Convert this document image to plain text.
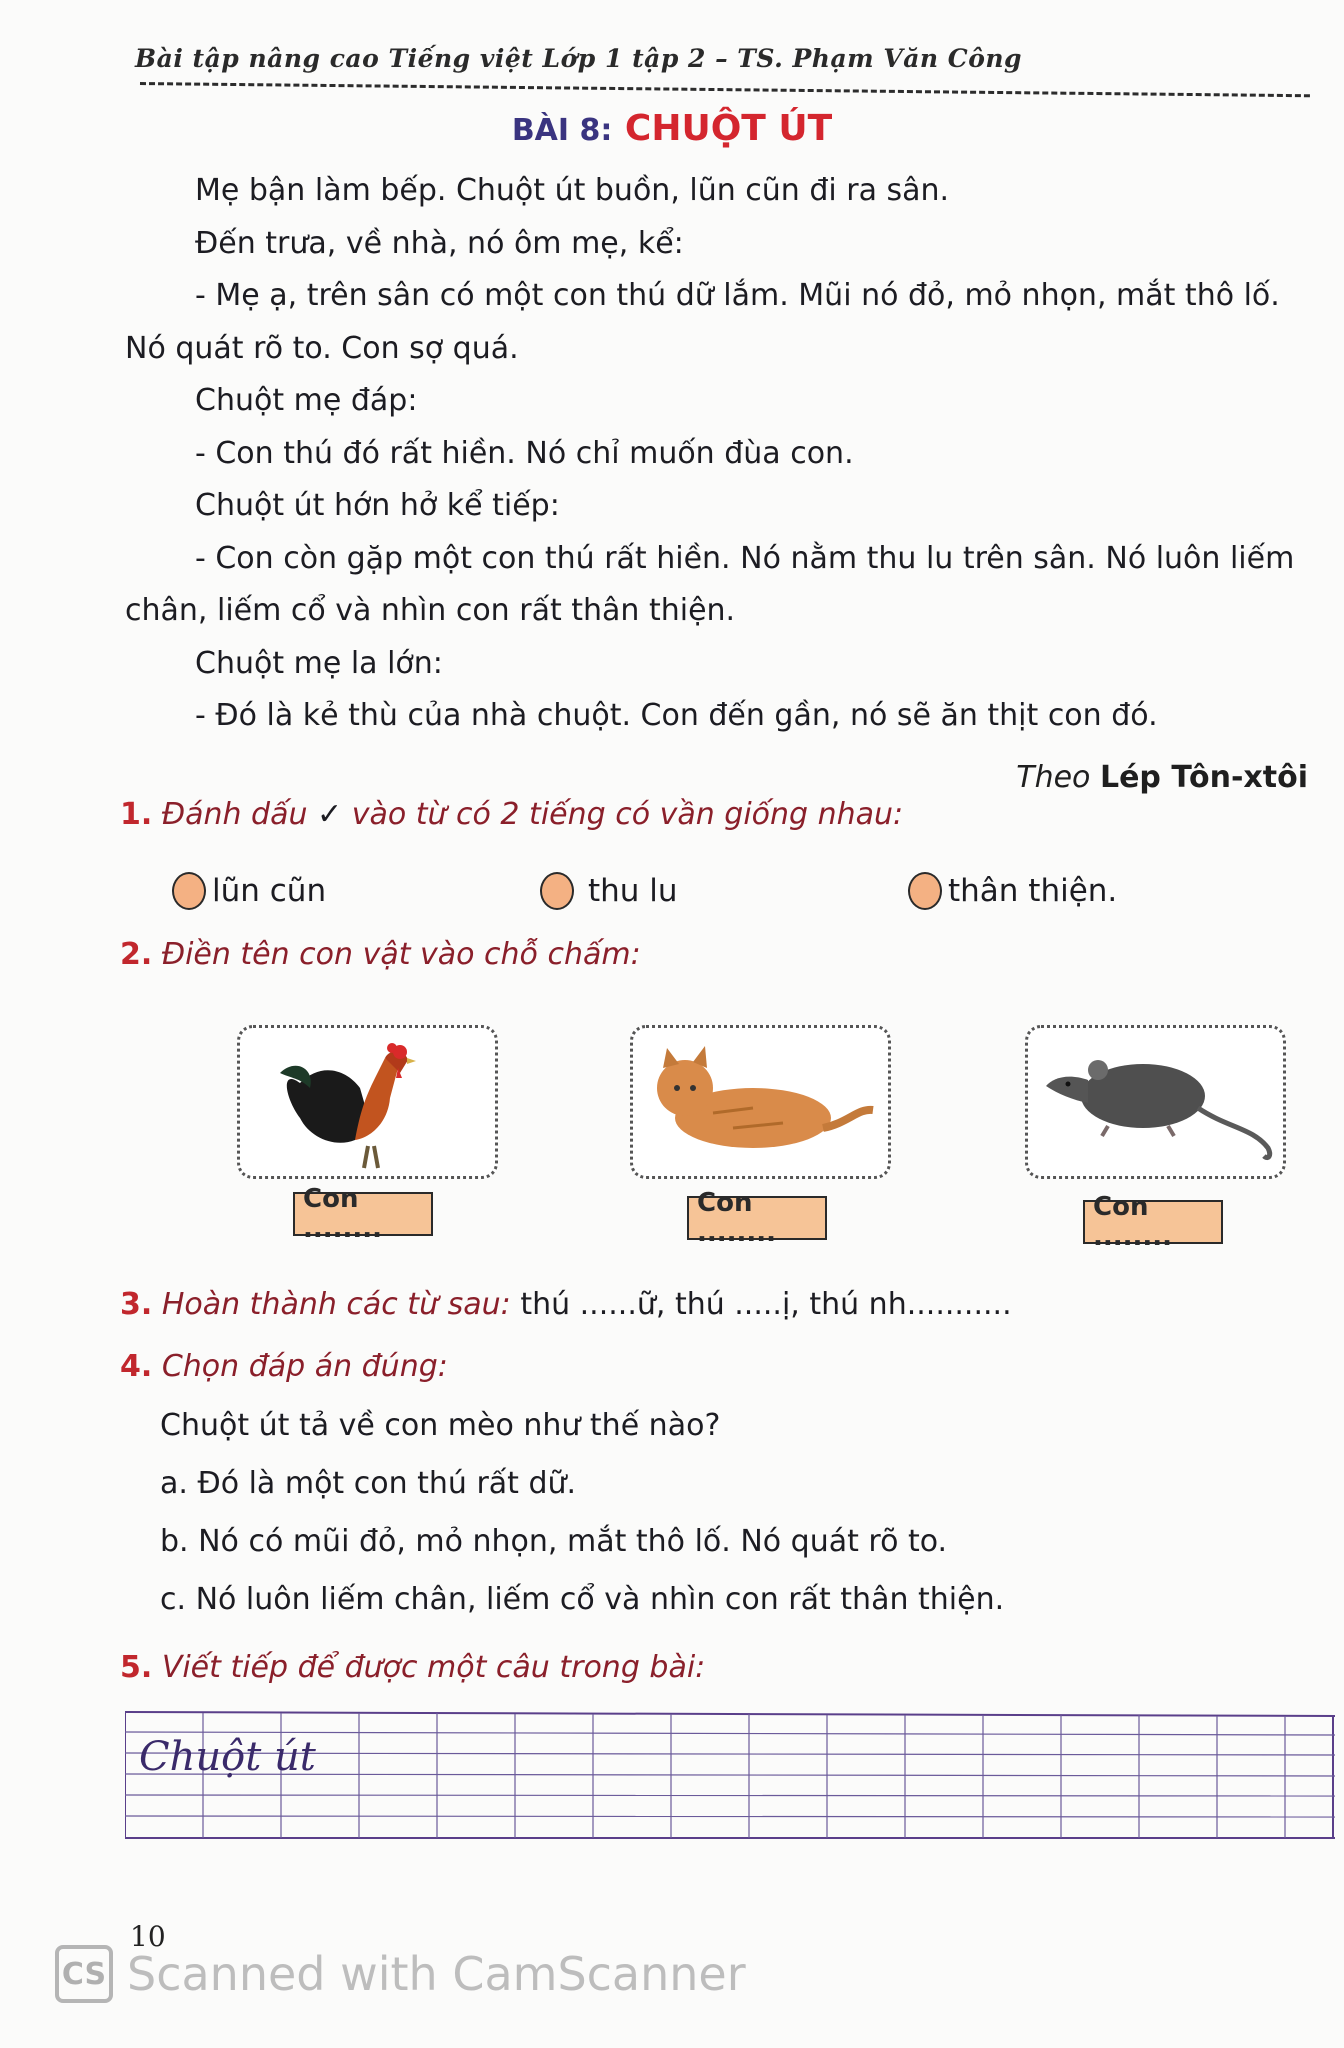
Bài tập nâng cao Tiếng việt Lớp 1 tập 2 – TS. Phạm Văn Công
BÀI 8: CHUỘT ÚT

Mẹ bận làm bếp. Chuột út buồn, lũn cũn đi ra sân.

Đến trưa, về nhà, nó ôm mẹ, kể:

- Mẹ ạ, trên sân có một con thú dữ lắm. Mũi nó đỏ, mỏ nhọn, mắt thô lố.

Nó quát rõ to. Con sợ quá.

Chuột mẹ đáp:

- Con thú đó rất hiền. Nó chỉ muốn đùa con.

Chuột út hớn hở kể tiếp:

- Con còn gặp một con thú rất hiền. Nó nằm thu lu trên sân. Nó luôn liếm

chân, liếm cổ và nhìn con rất thân thiện.

Chuột mẹ la lớn:

- Đó là kẻ thù của nhà chuột. Con đến gần, nó sẽ ăn thịt con đó.

Theo Lép Tôn-xtôi
1. Đánh dấu ✓ vào từ có 2 tiếng có vần giống nhau:
lũn cũn	thu lu	thân thiện.
2. Điền tên con vật vào chỗ chấm:
Con ........
Con ........
Con ........
3. Hoàn thành các từ sau: thú ......ữ, thú .....ị, thú nh...........
4. Chọn đáp án đúng:
Chuột út tả về con mèo như thế nào?
a. Đó là một con thú rất dữ.
b. Nó có mũi đỏ, mỏ nhọn, mắt thô lố. Nó quát rõ to.
c. Nó luôn liếm chân, liếm cổ và nhìn con rất thân thiện.
5. Viết tiếp để được một câu trong bài:
Chuột út
10
CS Scanned with CamScanner
